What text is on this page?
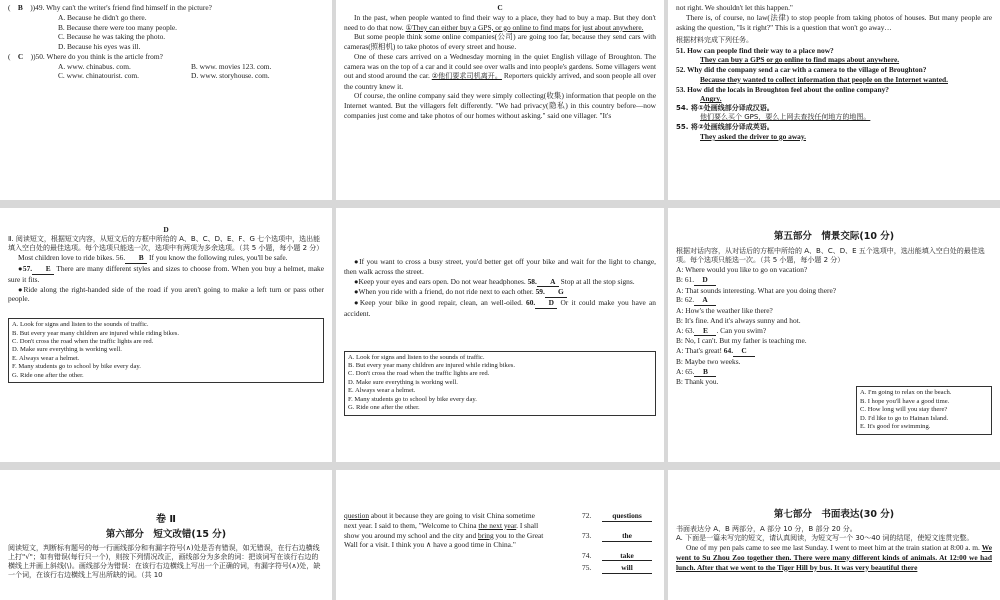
(　B　))49. Why can't the writer's friend find himself in the picture?
A. Because he didn't go there.
B. Because there were too many people.
C. Because he was taking the photo.
D. Because his eyes was ill.
(　C　))50. Where do you think is the article from?
A. www. chinabus. com.	B. www. movies 123. com.
C. www. chinatourist. com.	D. www. storyhouse. com.
C

In the past, when people wanted to find their way to a place, they had to buy a map. But they don't need to do that now. ①They can either buy a GPS, or go online to find maps for just about anywhere.

But some people think some online companies(公司) are going too far, because they send cars with cameras(照相机) to take photos of every street and house.

One of these cars arrived on a Wednesday morning in the quiet English village of Broughton. The camera was on the top of a car and it could see over walls and into people's gardens. Some villagers went out and stood around the car. ②他们要求司机离开。 Reporters quickly arrived, and soon people all over the country knew it.

Of course, the online company said they were simply collecting(收集) information that people on the Internet wanted. But the villagers felt differently. "We had privacy(隐私) in this country before—now companies just come and take photos of our homes without asking." said one villager. "It's

not right. We shouldn't let this happen."

There is, of course, no law(法律) to stop people from taking photos of houses. But many people are asking the question, "Is it right?" This is a question that won't go away…

根据材料完成下列任务。
51. How can people find their way to a place now?
They can buy a GPS or go online to find maps about anywhere.
52. Why did the company send a car with a camera to the village of Broughton?
Because they wanted to collect information that people on the Internet wanted.
53. How did the locals in Broughton feel about the online company?
Angry.
54. 将①处画线部分译成汉语。
他们要么买个 GPS，要么上网去查找任何地方的地图。
55. 将②处画线部分译成英语。
They asked the driver to go away.
D
Ⅱ. 阅读短文，根据短文内容，从短文后的方框中所给的 A、B、C、D、E、F、G 七个选项中，选出能填入空白处的最佳选项。每个选项只能选一次，选项中有两项为多余选项。（共 5 小题，每小题 2 分）

Most children love to ride bikes. 56. B If you know the following rules, you'll be safe.

●57. E There are many different styles and sizes to choose from. When you buy a helmet, make sure it fits.

●Ride along the right-handed side of the road if you aren't going to make a left turn or pass other people.

A. Look for signs and listen to the sounds of traffic.
B. But every year many children are injured while riding bikes.
C. Don't cross the road when the traffic lights are red.
D. Make sure everything is working well.
E. Always wear a helmet.
F. Many students go to school by bike every day.
G. Ride one after the other.

●If you want to cross a busy street, you'd better get off your bike and wait for the light to change, then walk across the street.

●Keep your eyes and ears open. Do not wear headphones. 58. A Stop at all the stop signs.

●When you ride with a friend, do not ride next to each other. 59. G

●Keep your bike in good repair, clean, an well-oiled. 60. D Or it could make you have an accident.

A. Look for signs and listen to the sounds of traffic.
B. But every year many children are injured while riding bikes.
C. Don't cross the road when the traffic lights are red.
D. Make sure everything is working well.
E. Always wear a helmet.
F. Many students go to school by bike every day.
G. Ride one after the other.
第五部分　情景交际(10 分)
根据对话内容，从对话后的方框中所给的 A、B、C、D、E 五个选项中，选出能填入空白处的最佳选项。每个选项只能选一次。（共 5 小题，每小题 2 分）
A: Where would you like to go on vacation?
B: 61. D
A: That sounds interesting. What are you doing there?
B: 62. A
A: How's the weather like there?
B: It's fine. And it's always sunny and hot.
A: 63. E . Can you swim?
B: No, I can't. But my father is teaching me.
A: That's great! 64. C
B: Maybe two weeks.
A: 65. B
B: Thank you.
A. I'm going to relax on the beach.
B. I hope you'll have a good time.
C. How long will you stay there?
D. I'd like to go to Hainan Island.
E. It's good for swimming.
卷 Ⅱ
第六部分　短文改错(15 分)
阅读短文，判断标有题号的每一行画线部分和有漏字符号(∧)处是否有错误，如无错误，在行右边横线上打"√"；如有错误(每行只一个)，则按下列情况改正，画线部分为多余的词：把该词写在该行右边的横线上并画上斜线(\)。画线部分为错误：在该行右边横线上写出一个正确的词，有漏字符号(∧)处，缺一个词，在该行右边横线上写出所缺的词。（共 10
question about it because they are going to visit China sometime next year. I said to them, "Welcome to China the next year. I shall show you around my school and the city and bring you to the Great Wall for a visit. I think you ∧ have a good time in China."
72.	questions
73.	the
74.	take
75.	will
第七部分　书面表达(30 分)
书面表达分 A、B 两部分，A 部分 10 分，B 部分 20 分。
A. 下面是一篇未写完的短文，请认真阅读，为短文写一个 30～40 词的结尾，使短文连贯完整。

One of my pen pals came to see me last Sunday. I went to meet him at the train station at 8:00 a. m. We went to Su Zhou Zoo together then. There were many different kinds of animals. At 12:00 we had lunch. After that we went to the Tiger Hill by bus. It was very beautiful there
